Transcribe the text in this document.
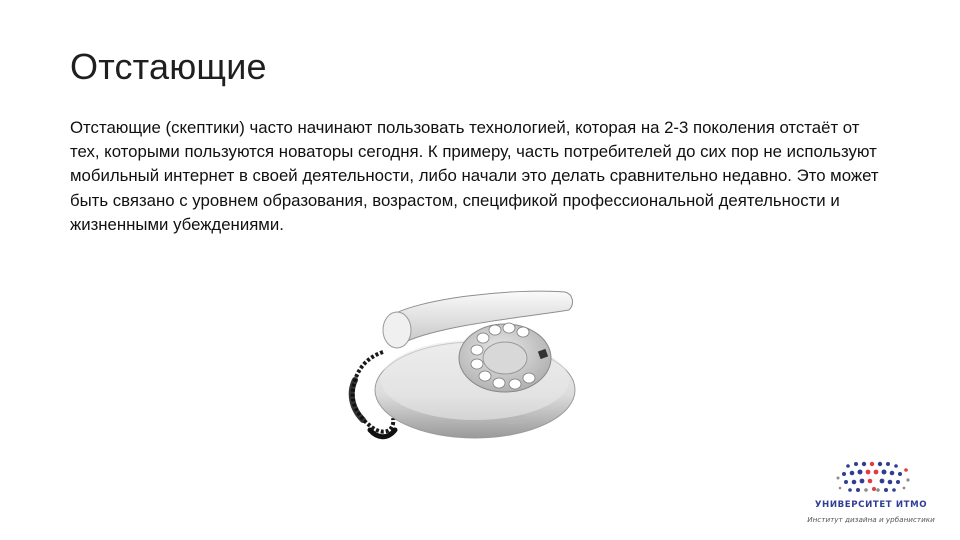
Отстающие
Отстающие (скептики) часто начинают пользовать технологией, которая на 2-3 поколения отстаёт от тех, которыми пользуются новаторы сегодня. К примеру, часть потребителей до сих пор не используют мобильный интернет в своей деятельности, либо начали это делать сравнительно недавно. Это может быть связано с уровнем образования, возрастом, спецификой профессиональной деятельности и жизненными убеждениями.
УНИВЕРСИТЕТ ИТМО
Институт дизайна и урбанистики
